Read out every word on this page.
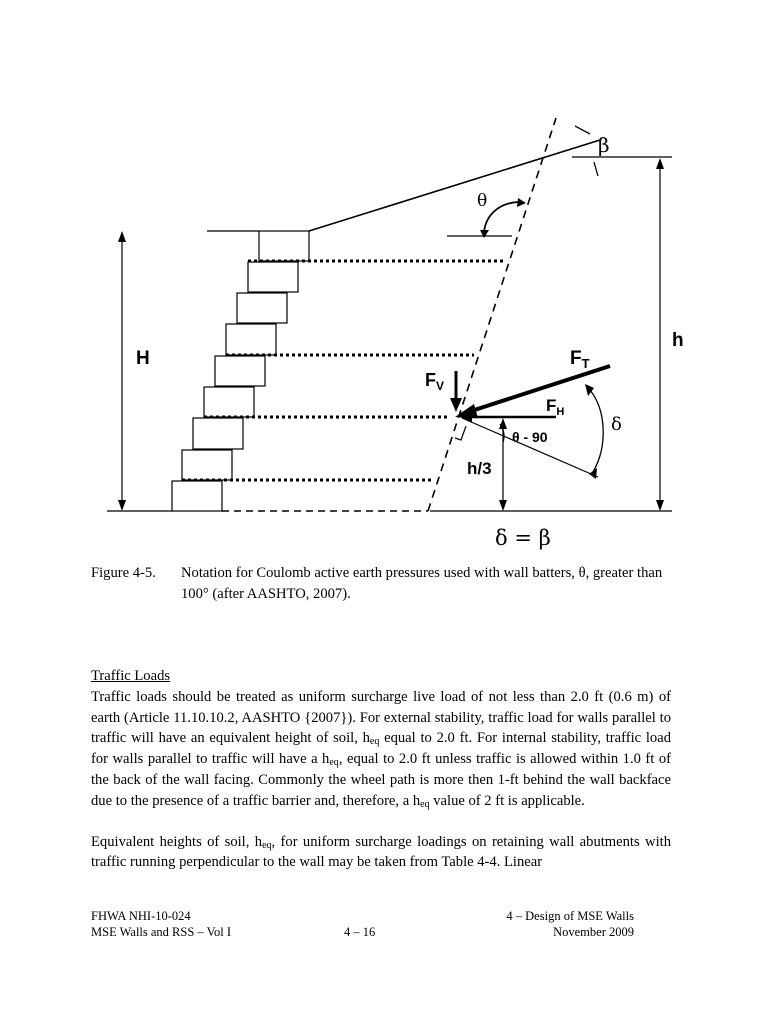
β
θ
H
h
$F_T$
$F_V$
$F_H$
θ - 90
δ
h/3
δ = β
Figure 4-5. Notation for Coulomb active earth pressures used with wall batters, θ, greater than 100° (after AASHTO, 2007).
Traffic Loads

Traffic loads should be treated as uniform surcharge live load of not less than 2.0 ft (0.6 m) of earth (Article 11.10.10.2, AASHTO {2007}). For external stability, traffic load for walls parallel to traffic will have an equivalent height of soil, $h_{eq}$ equal to 2.0 ft. For internal stability, traffic load for walls parallel to traffic will have a $h_{eq}$, equal to 2.0 ft unless traffic is allowed within 1.0 ft of the back of the wall facing. Commonly the wheel path is more then 1-ft behind the wall backface due to the presence of a traffic barrier and, therefore, a $h_{eq}$ value of 2 ft is applicable.

Equivalent heights of soil, $h_{eq}$, for uniform surcharge loadings on retaining wall abutments with traffic running perpendicular to the wall may be taken from Table 4-4. Linear

FHWA NHI-10-024
MSE Walls and RSS – Vol I	4 – 16
4 – Design of MSE Walls
November 2009
